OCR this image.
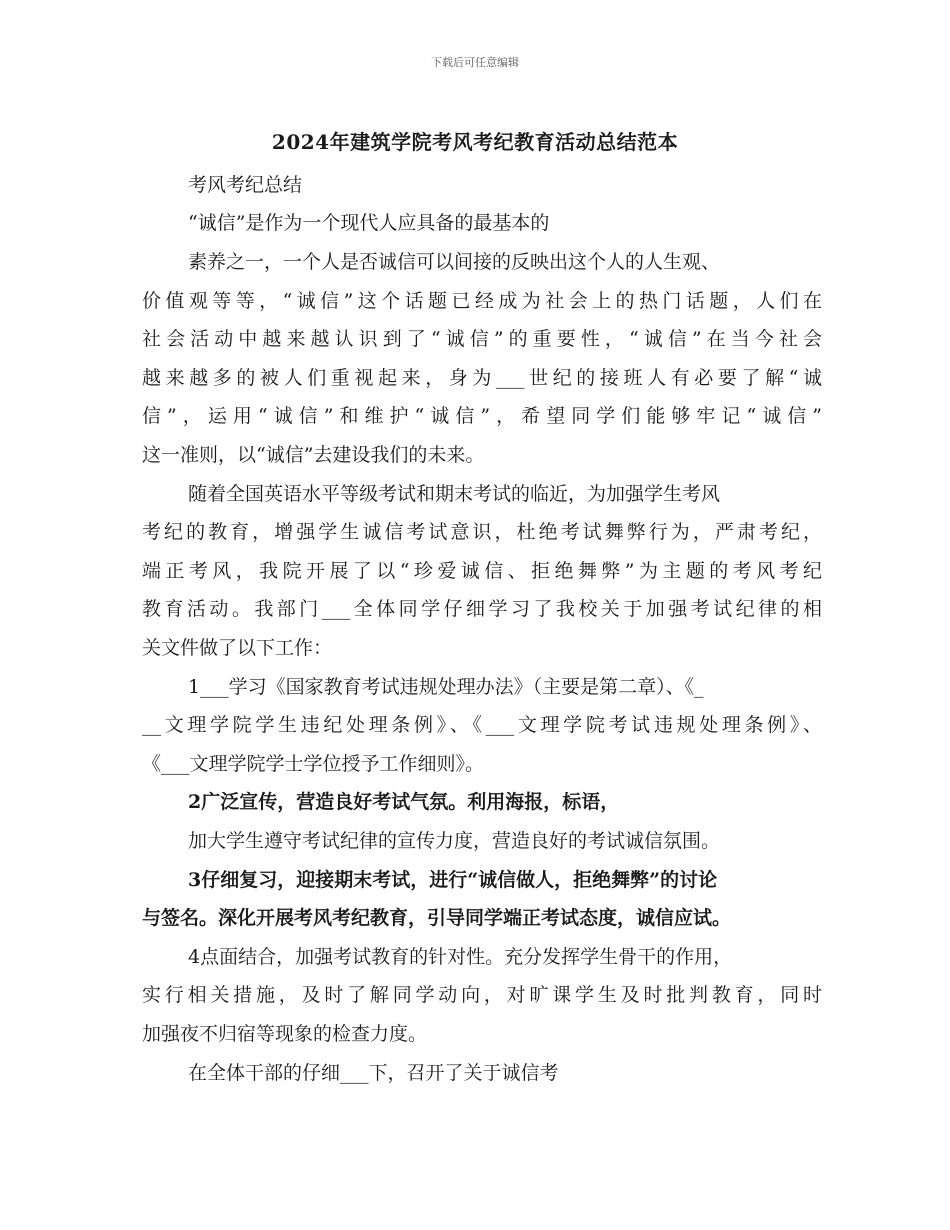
下载后可任意编辑
2024年建筑学院考风考纪教育活动总结范本
考风考纪总结
“诚信”是作为一个现代人应具备的最基本的
素养之一，一个人是否诚信可以间接的反映出这个人的人生观、
价值观等等，“诚信”这个话题已经成为社会上的热门话题，人们在
社会活动中越来越认识到了“诚信”的重要性，“诚信”在当今社会
越来越多的被人们重视起来，身为___世纪的接班人有必要了解“诚
信”，运用“诚信”和维护“诚信”，希望同学们能够牢记“诚信”
这一准则，以“诚信”去建设我们的未来。
随着全国英语水平等级考试和期末考试的临近，为加强学生考风
考纪的教育，增强学生诚信考试意识，杜绝考试舞弊行为，严肃考纪，
端正考风，我院开展了以“珍爱诚信、拒绝舞弊”为主题的考风考纪
教育活动。我部门___全体同学仔细学习了我校关于加强考试纪律的相
关文件做了以下工作：
1___学习《国家教育考试违规处理办法》（主要是第二章）、《_
__文理学院学生违纪处理条例》、《___文理学院考试违规处理条例》、
《___文理学院学士学位授予工作细则》。
2广泛宣传，营造良好考试气氛。利用海报，标语，
加大学生遵守考试纪律的宣传力度，营造良好的考试诚信氛围。
3仔细复习，迎接期末考试，进行“诚信做人，拒绝舞弊”的讨论
与签名。深化开展考风考纪教育，引导同学端正考试态度，诚信应试。
4点面结合，加强考试教育的针对性。充分发挥学生骨干的作用，
实行相关措施，及时了解同学动向，对旷课学生及时批判教育，同时
加强夜不归宿等现象的检查力度。
在全体干部的仔细___下，召开了关于诚信考
